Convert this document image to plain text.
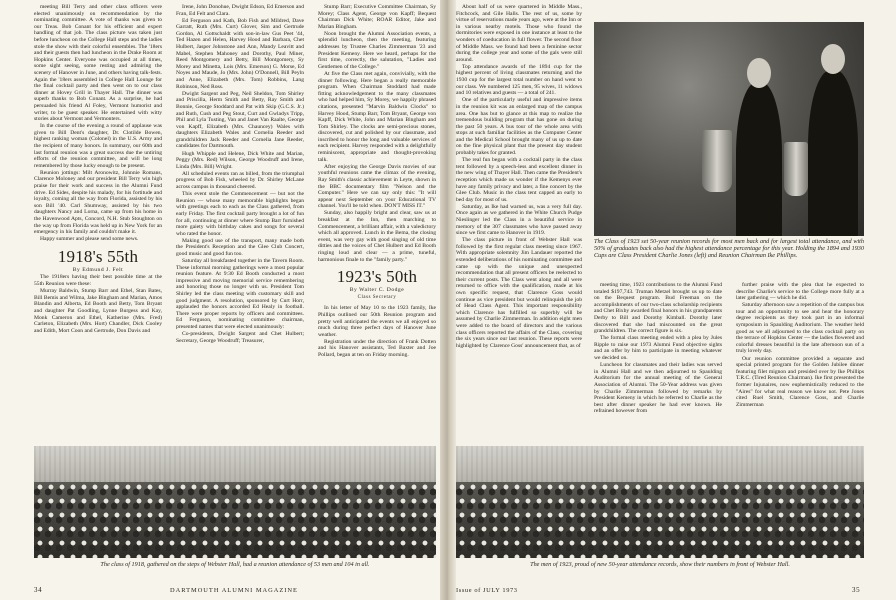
meeting Bill Terry and other class officers were elected unanimously on recommendation by the nominating committee. A vote of thanks was given to our Treas. Bob Conant for his efficient and expert handling of that job. The class picture was taken just before luncheon on the College Hall steps and the ladies stole the show with their colorful ensembles. The '18ers and their guests then had luncheon in the Drake Room at Hopkins Center. Everyone was occupied at all times, some sight seeing, some resting and admiring the scenery of Hanover in June, and others having talk-fests. Again the '18ers assembled in College Hall Lounge for the final cocktail party and then went on to our class dinner at Hovey Grill in Thayer Hall. The dinner was superb thanks to Bob Conant. As a surprise, he had persuaded his friend Al Foley, Vermont humorist and writer, to be guest speaker. He entertained with witty stories about Vermont and Vermonters.

In the course of the evening a round of applause was given to Bill Dent's daughter, Dr. Clotilde Bowen, highest ranking woman (Colonel) in the U.S. Army and the recipient of many honors. In summary, our 60th and last formal reunion was a great success due the untiring efforts of the reunion committee, and will be long remembered by those lucky enough to be present.

Reunion jottings: Milt Aronowitz, Johnnie Romans, Clarence Moloney and our president Bill Terry win high praise for their work and success in the Alumni Fund drive. Ed Sides, despite his malady, for his fortitude and loyalty, coming all the way from Florida, assisted by his son Bill '40. Carl Shumway, assisted by his two daughters Nancy and Lorna, came up from his home in the Havenwood Apts, Concord, N.H. Stub Stoughton on the way up from Florida was held up in New York for an emergency in his family and couldn't make it.

Happy summer and please send some news.

1918's 55th
By Edmund J. Felt

The 1918ers having their best possible time at the 55th Reunion were these:

Murray Baldwin, Stump Barr and Ethel, Stan Bates, Bill Bemis and Wilma, Jake Bingham and Marian, Amos Blandin and Alberta, Ed Booth and Betty, Tom Bryant and daughter Pat Goodling, Lynne Burgess and Kay, Monk Cameron and Ethel, Katherine (Mrs. Fred) Carleton, Elizabeth (Mrs. Hort) Chandler, Dick Cooley and Edith, Mort Coon and Gertrude, Don Davis and

Irene, John Donohue, Dwight Edson, Ed Emerson and Fran, Ed Felt and Clara.

Ed Ferguson and Kath, Bob Fish and Mildred, Dave Garratt, Ruth (Mrs. Curt) Glover, Sim and Gertrude Gordon, Al Gottschaldt with son-in-law Gus Peet '44, Ted Hazen and Helen, Harvey Hood and Barbara, Chet Hulbert, Jasper Johnstone and Ann, Mandy Leavitt and Mabel, Stephen Mahoney and Dorothy, Paul Miner, Reed Montgomery and Betty, Bill Montgomery, Sy Morey and Minetta, Lois (Mrs. Emerson) G. Morse, Ed Noyes and Maude, Jo (Mrs. John) O'Donnell, Bill Peyln and Anne, Elizabeth (Mrs. Tom) Robbins, Lang Robinson, Ned Ross.

Dwight Sargent and Peg, Neil Sheldon, Tom Shirley and Priscilla, Herm Smith and Betty, Ray Smith and Bonnie, George Stoddard and Pat with Skip (G.C.S. Jr.) and Ruth, Cush and Peg Stout, Curt and Gwladys Tripp, Phil and Lyla Tusting, Van and Janet Van Raalte, George von Kapff, Elizabeth (Mrs. Chauncey) Wales with daughters Elizabeth Wales and Cornelia Reeder and grandchildren Jack Reeder and Cornelia Jane Reeder, candidates for Dartmouth.

Hugh Whipple and Helene, Dick White and Marian, Peggy (Mrs. Red) Wilson, George Woodruff and Irene, Linda (Mrs. Bill) Wright.

All scheduled events ran as billed, from the triumphal progress of Bob Fish, wheeled by Dr. Shirley McLane across campus in thousand cheered.

This event stole the Commencement — but not the Reunion — whose many memorable highlights began with greetings each to each as the Class gathered, from early Friday. The first cocktail party brought a lot of fun for all, continuing at dinner where Stump Barr furnished more gaiety with birthday cakes and songs for several who rated the honor.

Making good use of the transport, many made both the President's Reception and the Glee Club Concert, good music and good fun too.

Saturday all breakfasted together in the Tavern Room. These informal morning gatherings were a most popular reunion feature. At 9:30 Ed Booth conducted a most impressive and moving memorial service remembering and honoring those no longer with us. President Tom Shirley led the class meeting with customary skill and good judgment. A resolution, sponsored by Curt Horr, applauded the honors accorded Ed Healy in football. There were proper reports by officers and committees. Ed Ferguson, nominating committee chairman, presented names that were elected unanimously:

Co-presidents, Dwight Sargent and Chet Hulbert; Secretary, George Woodruff; Treasurer,

Stump Barr; Executive Committee Chairman, Sy Morey; Class Agent, George von Kapff; Bequest Chairman Dick White; ROAR Editor, Jake and Marian Bingham.

Noon brought the Alumni Association events, a splendid luncheon, then the meeting, featuring addresses by Trustee Charles Zimmerman '23 and President Kemeny. Here we heard, perhaps for the first time, correctly, the salutation, "Ladies and Gentlemen of the College."

At five the Class met again, convivially, with the dinner following. Here began a really memorable program. When Chairman Stoddard had made fitting acknowledgement to the many classmates who had helped him, Sy Morey, we happily phrased citations, presented "Marvin Baldwin Clocks" to Harvey Hood, Stump Barr, Tom Bryant, George von Kapff, Dick White, John and Marian Bingham and Tom Shirley. The clocks are semi-precious stones, discovered, cut and polished by our classmate, and inscribed to honor the long and valuable services of each recipient. Harvey responded with a delightfully reminiscent, appropriate and thought-provoking talk.

After enjoying the George Davis movies of our youthful reunions came the climax of the evening, Ray Smith's classic achievement in Leyte, shown in the BBC documentary film "Nelson and the Computer." Here we can say only this: "It will appear next September on your Educational TV channel. You'll be told when. DON'T MISS IT."

Sunday, also happily bright and clear, saw us at breakfast at the Inn, then marching to Commencement, a brilliant affair, with a valedictory which all approved. Lunch in the Bema, the closing event, was very gay with good singing of old time ditties and the voices of Chet Hulbert and Ed Booth ringing loud and clear — a prime, tuneful, harmonious finale to the "family party."

1923's 50th
By Walter C. Dodge
Class Secretary

In his letter of May 10 to the 1923 family, Ike Phillips outlined our 50th Reunion program and pretty well anticipated the events we all enjoyed so much during three perfect days of Hanover June weather.

Registration under the direction of Frank Dotten and his Hanover assistants, Ted Baxter and Joe Pollard, began at ten on Friday morning.

The class of 1918, gathered on the steps of Webster Hall, had a reunion attendance of 53 men and 104 in all.
34	DARTMOUTH ALUMNI MAGAZINE

About half of us were quartered in Middle Mass., Fitchcock, and Gile Halls. The rest of us, some by virtue of reservations made years ago, were at the Inn or in various nearby motels. Those who found the dormitories were exposed in one instance at least to the wonders of coeducation in full flower. The second floor of Middle Mass. we found had been a feminine sector during the college year and some of the gals were still around.

Top attendance awards of the 1894 cup for the highest percent of living classmates returning and the 1930 cup for the largest total number on hand went to our class. We numbered 125 men, 95 wives, 11 widows and 10 relatives and guests — a total of 241.

One of the particularly useful and impressive items in the reunion kit was an enlarged map of the campus area. One has but to glance at this map to realize the tremendous building program that has gone on during the past 50 years. A bus tour of the whole area with stops at such familiar facilities as the Computer Center and the Medical School brought many of us up to date on the fine physical plant that the present day student probably takes for granted.

The real fun began with a cocktail party in the class tent followed by a speech-less and excellent dinner in the new wing of Thayer Hall. Then came the President's reception which made us wonder if the Kemenys ever have any family privacy and later, a fine concert by the Glee Club. Music in the class tent capped an early to bed day for most of us.

Saturday, as Ike had warned us, was a very full day. Once again as we gathered in the White Church Pudge Nieslinger led the Class in a beautiful service in memory of the 307 classmates who have passed away since we first came to Hanover in 1919.

The class picture in front of Webster Hall was followed by the first regular class meeting since 1967. With appropriate solemnity Jim Landauer reported the extended deliberations of his nominating committee and came up with the unique and unexpected recommendation that all present officers be reelected to their current posts. The Class went along and all were returned to office with the qualification, made at his own specific request, that Clarence Goss would continue as vice president but would relinquish the job of Head Class Agent. This important responsibility which Clarence has fulfilled so superbly will be assumed by Charlie Zimmerman. In addition eight men were added to the board of directors and the various class officers reported the affairs of the Class, covering the six years since our last reunion. These reports were highlighted by Clarence Goss' announcement that, as of

The Class of 1923 set 50-year reunion records for most men back and for largest total attendance, and with 50% of graduates back also had the highest attendance percentage for this year. Holding the 1894 and 1930 Cups are Class President Charlie Jones (left) and Reunion Chairman Ike Phillips.

meeting time, 1923 contributions to the Alumni Fund totaled $197,743. Truman Metzel brought us up to date on the Bequest program. Bud Freeman on the accomplishments of our two-class scholarship recipients and Chet Bixby awarded final honors in his grandparents Derby to Bill and Dorothy Kimball. Dorothy later discovered that she had miscounted on the great grandchildren. The correct figure is six.

The formal class meeting ended with a plea by Jules Ripple to raise our 1973 Alumni Fund objective sights and an offer by him to participate in meeting whatever we decided on.

Luncheon for classmates and their ladies was served in Alumni Hall and we then adjourned to Spaulding Auditorium for the annual meeting of the General Association of Alumni. The 50-Year address was given by Charlie Zimmerman followed by remarks by President Kemeny in which he referred to Charlie as the best after dinner speaker he had ever known. He refrained however from

further praise with the plea that he expected to describe Charlie's service to the College more fully at a later gathering — which he did.

Saturday afternoon saw a repetition of the campus bus tour and an opportunity to see and hear the honorary degree recipients as they took part in an informal symposium in Spaulding Auditorium. The weather held good as we all adjourned to the class cocktail party on the terrace of Hopkins Center — the ladies flowered and colorful dresses beautiful in the late afternoon sun of a truly lovely day.

Our reunion committee provided a separate and special printed program for the Golden Jubilee dinner featuring filet mignon and presided over by Ike Phillips T.R.C. (Tired Reunion Chairman). Ike first presented the former Injunaires, now euphemistically reduced to the "Aires" for what real reason we know not. Pete Jones cited Ruel Smith, Clarence Goss, and Charlie Zimmerman

The men of 1923, proud of new 50-year attendance records, show their numbers in front of Webster Hall.
Issue of JULY 1973	35
